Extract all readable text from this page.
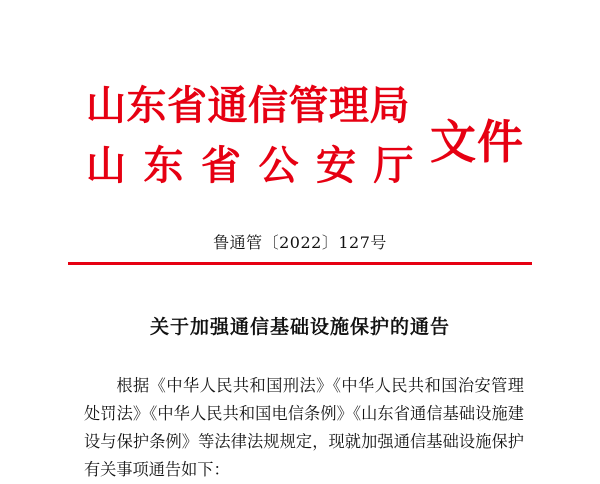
山东省通信管理局
山东省公安厅 文件
鲁通管〔2022〕127号
关于加强通信基础设施保护的通告

根据《中华人民共和国刑法》《中华人民共和国治安管理处罚法》《中华人民共和国电信条例》《山东省通信基础设施建设与保护条例》等法律法规规定，现就加强通信基础设施保护有关事项通告如下：
